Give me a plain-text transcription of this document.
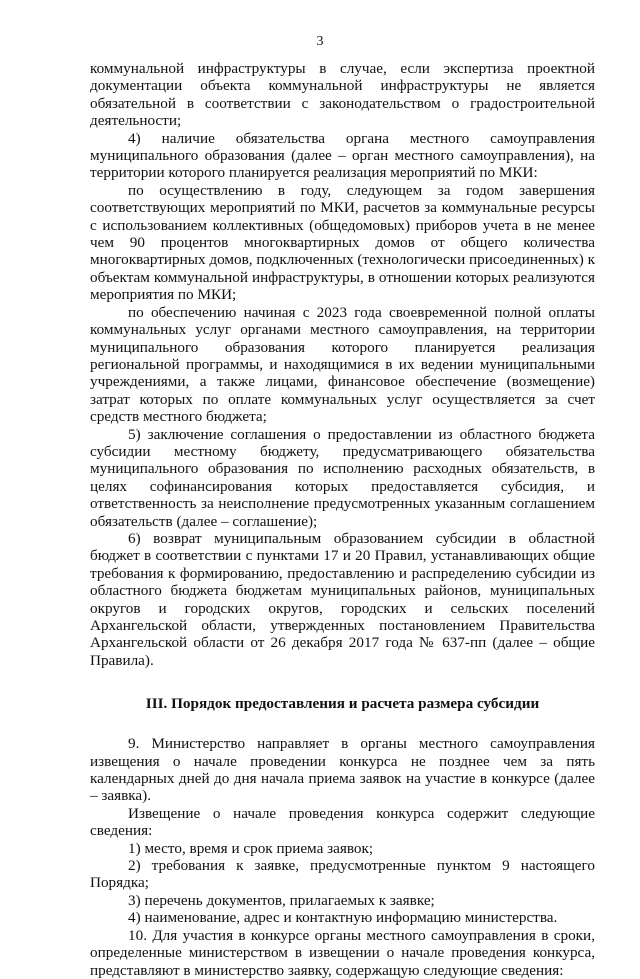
3

коммунальной инфраструктуры в случае, если экспертиза проектной документации объекта коммунальной инфраструктуры не является обязательной в соответствии с законодательством о градостроительной деятельности;

4) наличие обязательства органа местного самоуправления муниципального образования (далее – орган местного самоуправления), на территории которого планируется реализация мероприятий по МКИ:

по осуществлению в году, следующем за годом завершения соответствующих мероприятий по МКИ, расчетов за коммунальные ресурсы с использованием коллективных (общедомовых) приборов учета в не менее чем 90 процентов многоквартирных домов от общего количества многоквартирных домов, подключенных (технологически присоединенных) к объектам коммунальной инфраструктуры, в отношении которых реализуются мероприятия по МКИ;

по обеспечению начиная с 2023 года своевременной полной оплаты коммунальных услуг органами местного самоуправления, на территории муниципального образования которого планируется реализация региональной программы, и находящимися в их ведении муниципальными учреждениями, а также лицами, финансовое обеспечение (возмещение) затрат которых по оплате коммунальных услуг осуществляется за счет средств местного бюджета;

5) заключение соглашения о предоставлении из областного бюджета субсидии местному бюджету, предусматривающего обязательства муниципального образования по исполнению расходных обязательств, в целях софинансирования которых предоставляется субсидия, и ответственность за неисполнение предусмотренных указанным соглашением обязательств (далее – соглашение);

6) возврат муниципальным образованием субсидии в областной бюджет в соответствии с пунктами 17 и 20 Правил, устанавливающих общие требования к формированию, предоставлению и распределению субсидии из областного бюджета бюджетам муниципальных районов, муниципальных округов и городских округов, городских и сельских поселений Архангельской области, утвержденных постановлением Правительства Архангельской области от 26 декабря 2017 года № 637-пп (далее – общие Правила).

III. Порядок предоставления и расчета размера субсидии

9. Министерство направляет в органы местного самоуправления извещения о начале проведении конкурса не позднее чем за пять календарных дней до дня начала приема заявок на участие в конкурсе (далее – заявка).

Извещение о начале проведения конкурса содержит следующие сведения:

1) место, время и срок приема заявок;

2) требования к заявке, предусмотренные пунктом 9 настоящего Порядка;

3) перечень документов, прилагаемых к заявке;

4) наименование, адрес и контактную информацию министерства.

10. Для участия в конкурсе органы местного самоуправления в сроки, определенные министерством в извещении о начале проведения конкурса, представляют в министерство заявку, содержащую следующие сведения:
